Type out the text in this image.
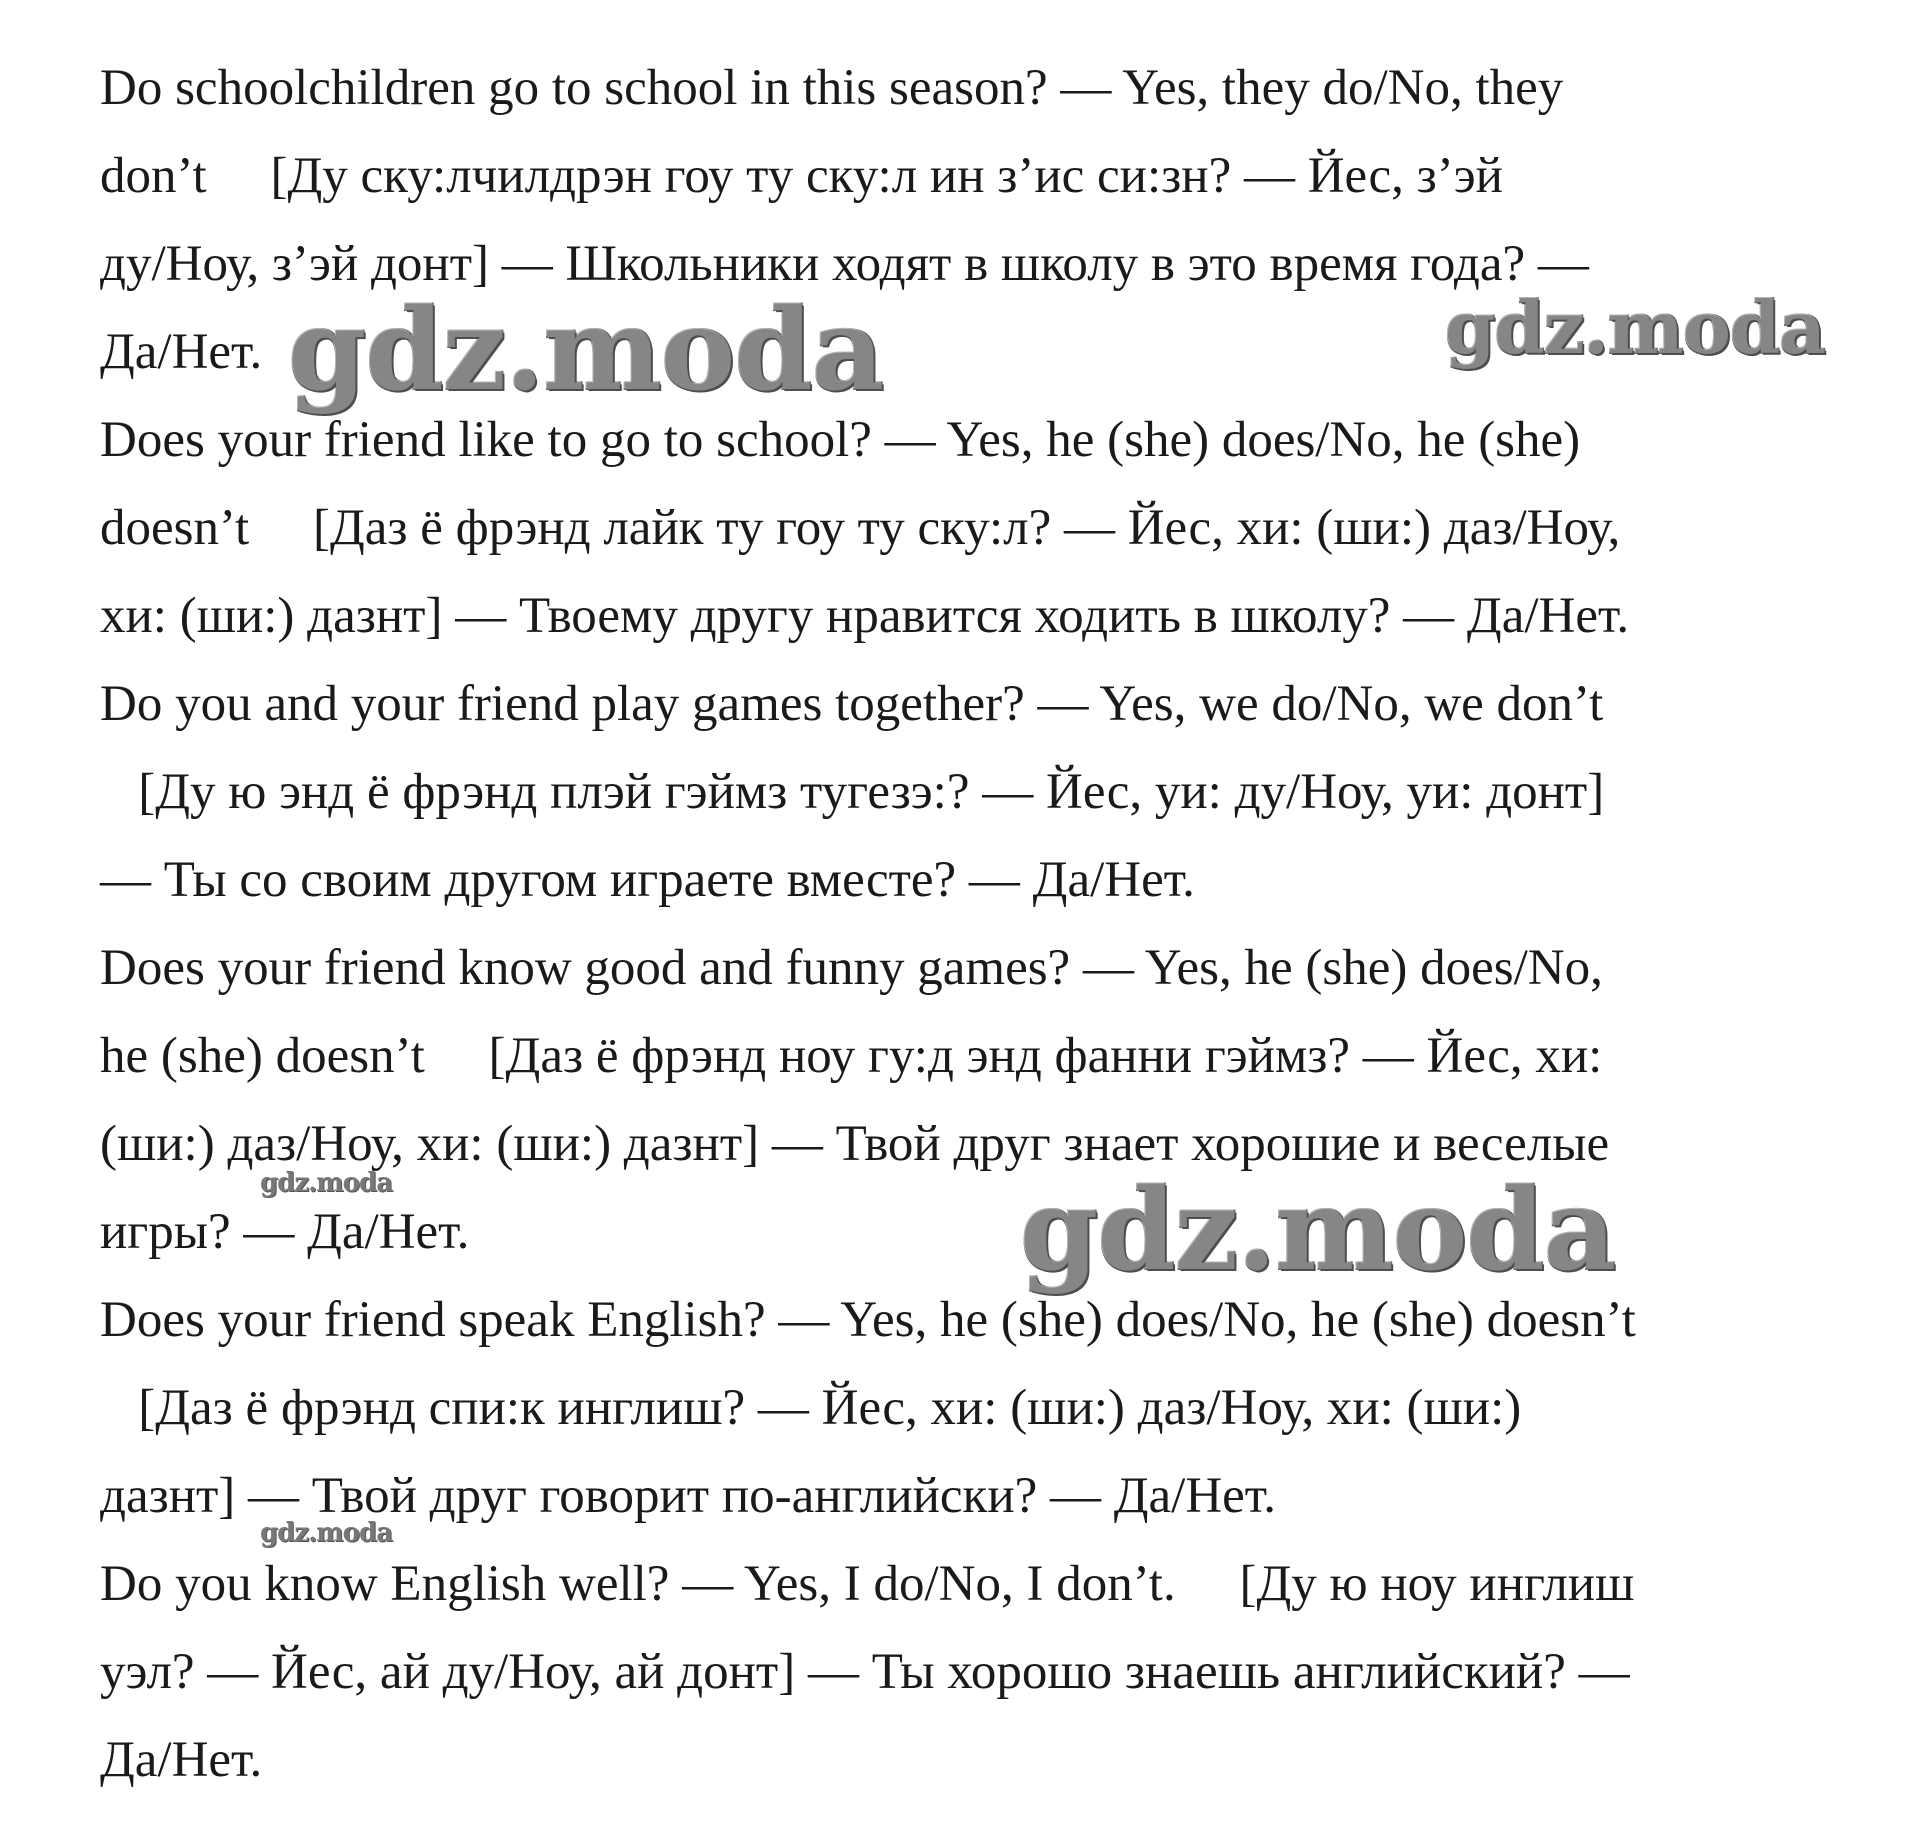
Do schoolchildren go to school in this season? — Yes, they do/No, they
don’t     [Ду ску:лчилдрэн гоу ту ску:л ин з’ис си:зн? — Йес, з’эй
ду/Ноу, з’эй донт] — Школьники ходят в школу в это время года? —
Да/Нет.
Does your friend like to go to school? — Yes, he (she) does/No, he (she)
doesn’t     [Даз ё фрэнд лайк ту гоу ту ску:л? — Йес, хи: (ши:) даз/Ноу,
хи: (ши:) дазнт] — Твоему другу нравится ходить в школу? — Да/Нет.
Do you and your friend play games together? — Yes, we do/No, we don’t
[Ду ю энд ё фрэнд плэй гэймз тугезэ:? — Йес, уи: ду/Ноу, уи: донт]
— Ты со своим другом играете вместе? — Да/Нет.
Does your friend know good and funny games? — Yes, he (she) does/No,
he (she) doesn’t     [Даз ё фрэнд ноу гу:д энд фанни гэймз? — Йес, хи:
(ши:) даз/Ноу, хи: (ши:) дазнт] — Твой друг знает хорошие и веселые
игры? — Да/Нет.
Does your friend speak English? — Yes, he (she) does/No, he (she) doesn’t
[Даз ё фрэнд спи:к инглиш? — Йес, хи: (ши:) даз/Ноу, хи: (ши:)
дазнт] — Твой друг говорит по-английски? — Да/Нет.
Do you know English well? — Yes, I do/No, I don’t.     [Ду ю ноу инглиш
уэл? — Йес, ай ду/Ноу, ай донт] — Ты хорошо знаешь английский? —
Да/Нет.
gdz.moda	gdz.moda
gdz.moda
gdz.moda
gdz.moda
